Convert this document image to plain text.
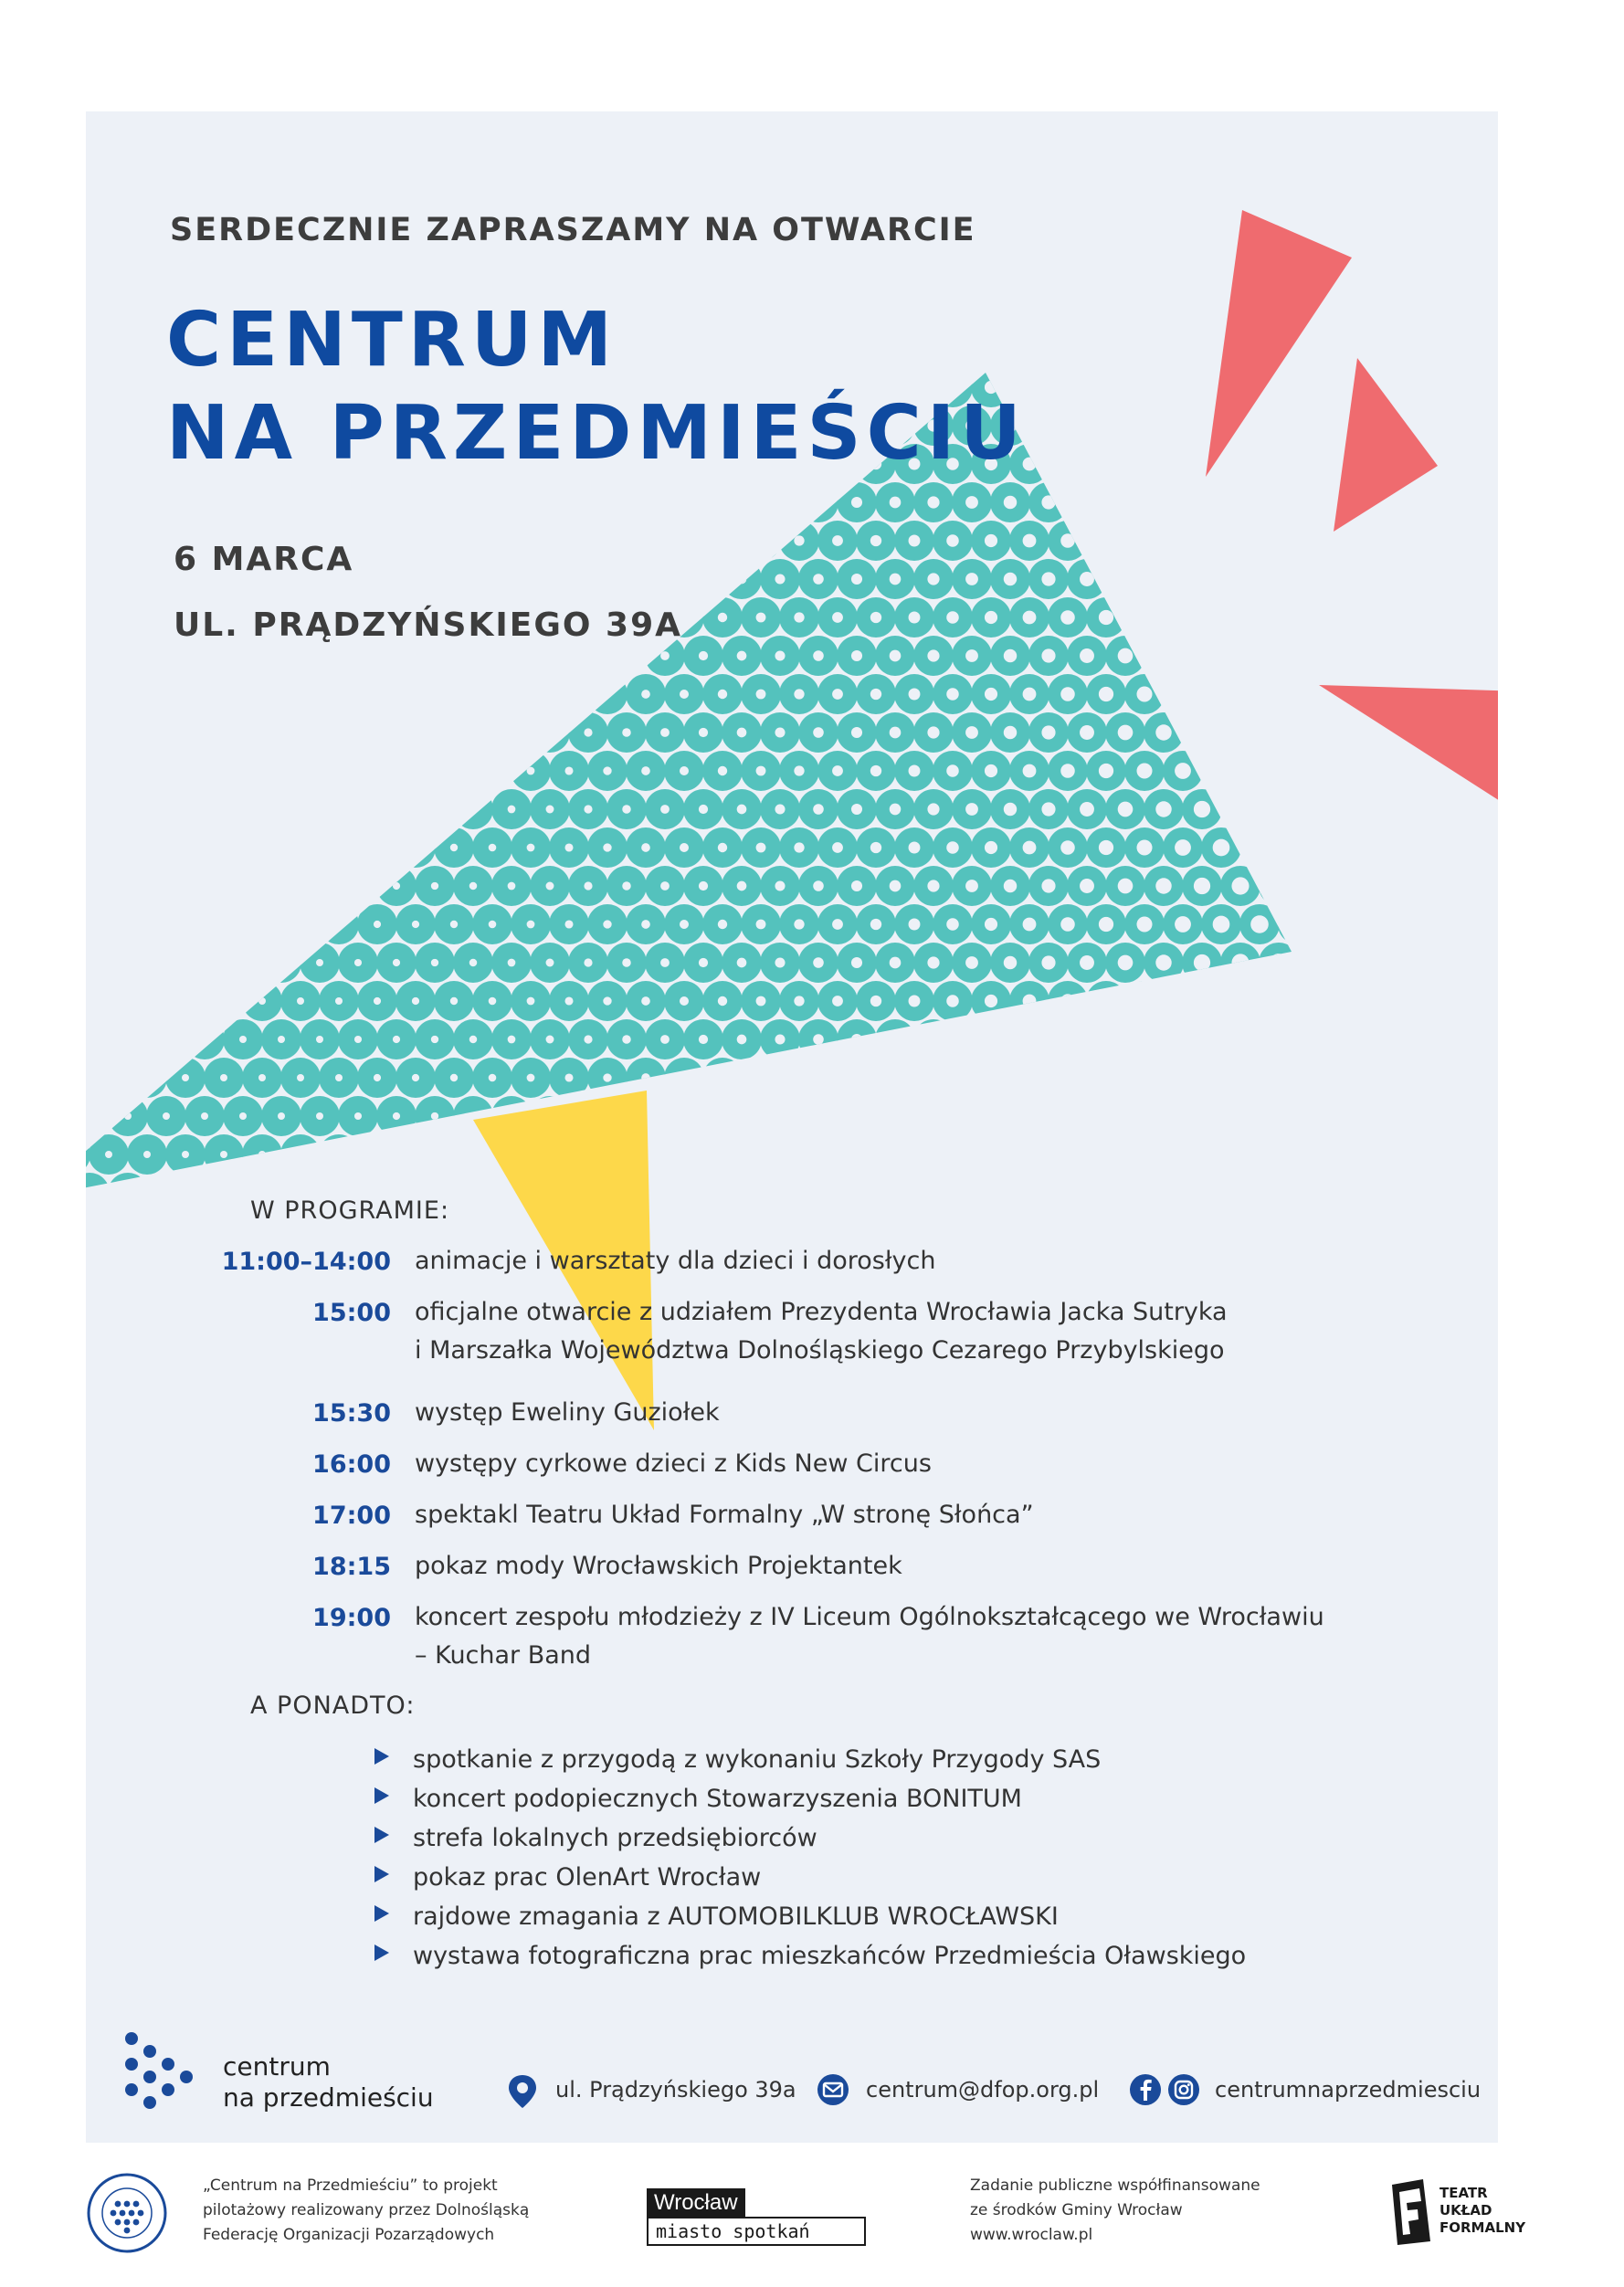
SERDECZNIE ZAPRASZAMY NA OTWARCIE
CENTRUM
NA PRZEDMIEŚCIU
6 MARCA
UL. PRĄDZYŃSKIEGO 39A
W PROGRAMIE:
11:00–14:00 animacje i warsztaty dla dzieci i dorosłych
15:00 oficjalne otwarcie z udziałem Prezydenta Wrocławia Jacka Sutryka
i Marszałka Województwa Dolnośląskiego Cezarego Przybylskiego
15:30 występ Eweliny Guziołek
16:00 występy cyrkowe dzieci z Kids New Circus
17:00 spektakl Teatru Układ Formalny „W stronę Słońca”
18:15 pokaz mody Wrocławskich Projektantek
19:00 koncert zespołu młodzieży z IV Liceum Ogólnokształcącego we Wrocławiu
– Kuchar Band
A PONADTO:
spotkanie z przygodą z wykonaniu Szkoły Przygody SAS
koncert podopiecznych Stowarzyszenia BONITUM
strefa lokalnych przedsiębiorców
pokaz prac OlenArt Wrocław
rajdowe zmagania z AUTOMOBILKLUB WROCŁAWSKI
wystawa fotograficzna prac mieszkańców Przedmieścia Oławskiego
centrum
na przedmieściu	ul. Prądzyńskiego 39a	centrum@dfop.org.pl	centrumnaprzedmiesciu
„Centrum na Przedmieściu” to projekt
pilotażowy realizowany przez Dolnośląską
Federację Organizacji Pozarządowych
Wrocław
miasto spotkań
Zadanie publiczne współfinansowane
ze środków Gminy Wrocław
www.wroclaw.pl
TEATR
UKŁAD
FORMALNY
